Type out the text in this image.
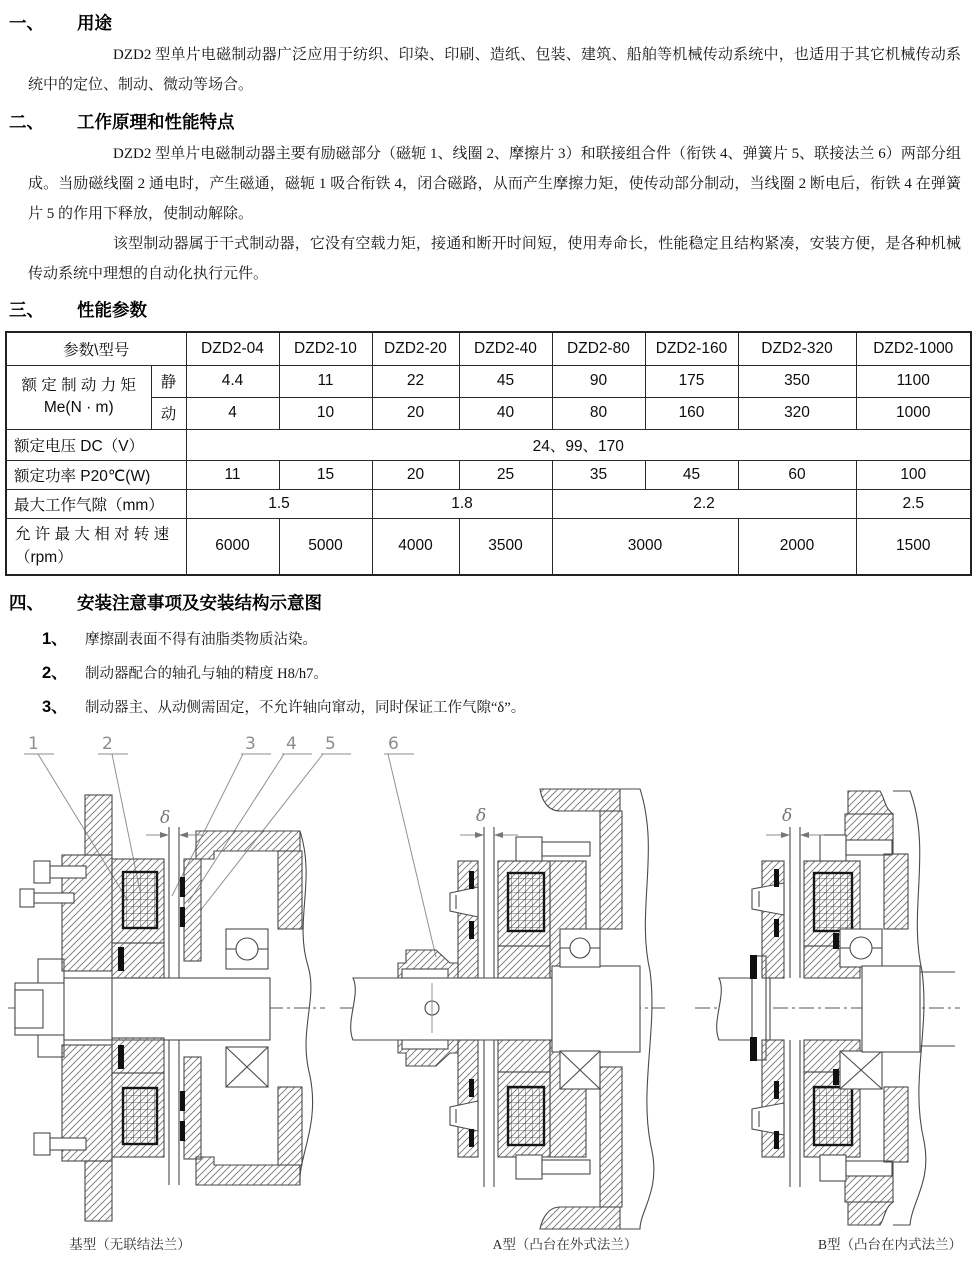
一、	用途
DZD2 型单片电磁制动器广泛应用于纺织、印染、印刷、造纸、包装、建筑、船舶等机械传动系统中，也适用于其它机械传动系统中的定位、制动、微动等场合。
二、	工作原理和性能特点
DZD2 型单片电磁制动器主要有励磁部分（磁轭 1、线圈 2、摩擦片 3）和联接组合件（衔铁 4、弹簧片 5、联接法兰 6）两部分组成。当励磁线圈 2 通电时，产生磁通，磁轭 1 吸合衔铁 4，闭合磁路，从而产生摩擦力矩，使传动部分制动，当线圈 2 断电后，衔铁 4 在弹簧片 5 的作用下释放，使制动解除。
该型制动器属于干式制动器，它没有空载力矩，接通和断开时间短，使用寿命长，性能稳定且结构紧凑，安装方便，是各种机械传动系统中理想的自动化执行元件。
三、	性能参数
参数\型号		DZD2-04	DZD2-10	DZD2-20	DZD2-40	DZD2-80	DZD2-160	DZD2-320	DZD2-1000

额 定 制 动 力 矩
Me(N · m)	静	4.4	11	22	45	90	175	350	1100
	动	4	10	20	40	80	160	320	1000
额定电压 DC（V）		24、99、170							
额定功率 P20℃(W)		11	15	20	25	35	45	60	100
最大工作气隙（mm）		1.5		1.8		2.2			2.5

允 许 最 大 相 对 转 速
（rpm）		6000	5000	4000	3500	3000		2000	1500
四、	安装注意事项及安装结构示意图
1、	摩擦副表面不得有油脂类物质沾染。
2、	制动器配合的轴孔与轴的精度 H8/h7。
3、	制动器主、从动侧需固定，不允许轴向窜动，同时保证工作气隙“δ”。
1	2	3 4 5	6
δ	δ	δ
基型（无联结法兰）	A型（凸台在外式法兰）	B型（凸台在内式法兰）
